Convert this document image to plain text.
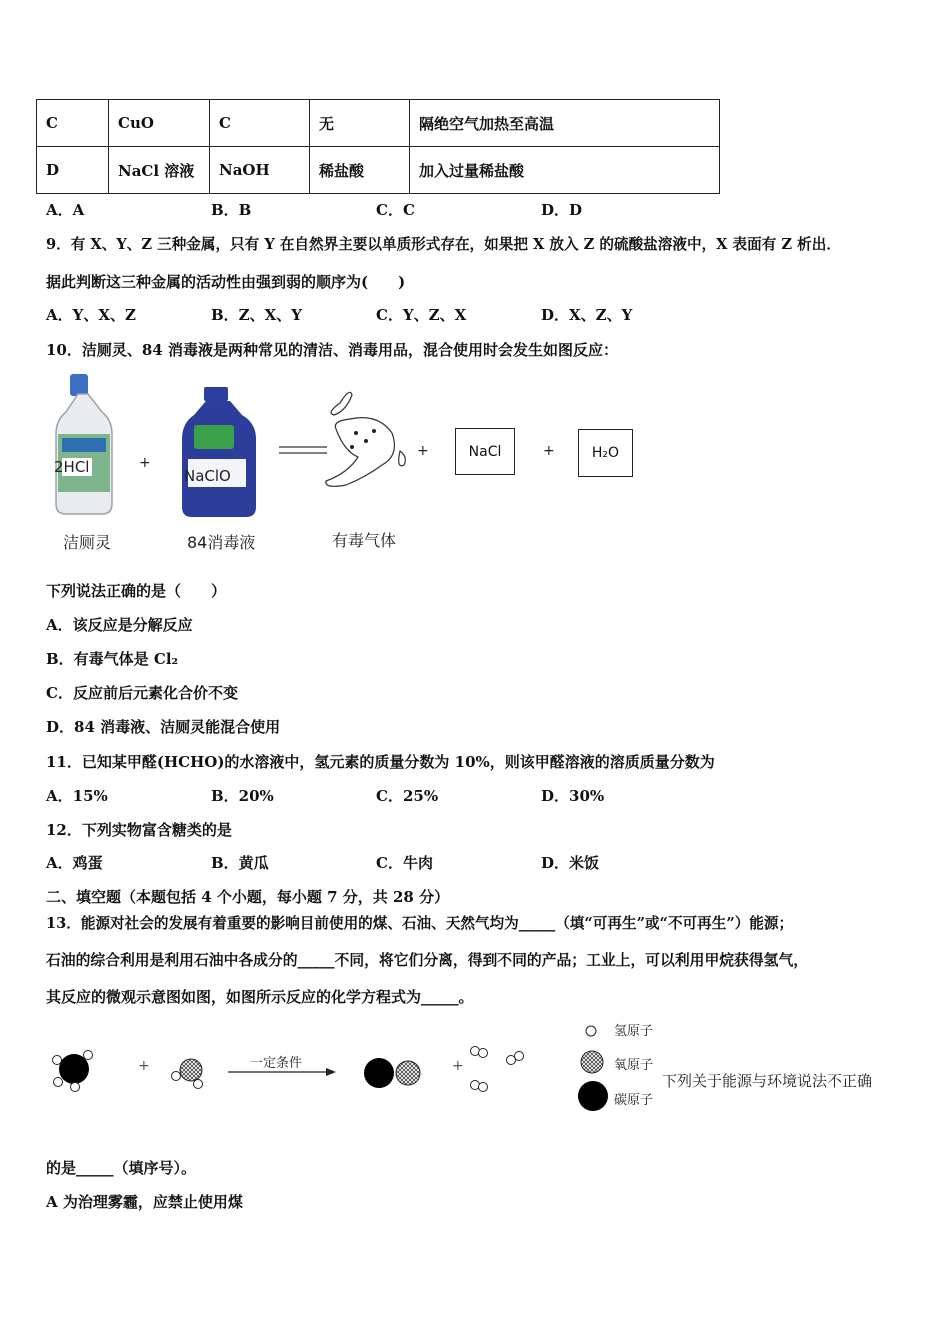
C	CuO	C	无	隔绝空气加热至高温
D	NaCl 溶液	NaOH	稀盐酸	加入过量稀盐酸
A．A	B．B	C．C	D．D
9．有 X、Y、Z 三种金属，只有 Y 在自然界主要以单质形式存在，如果把 X 放入 Z 的硫酸盐溶液中，X 表面有 Z 析出．
据此判断这三种金属的活动性由强到弱的顺序为(　　)
A．Y、X、Z	B．Z、X、Y	C．Y、Z、X	D．X、Z、Y
10．洁厕灵、84 消毒液是两种常见的清洁、消毒用品，混合使用时会发生如图反应：
2HCl	+
NaClO
+	NaCl	+	H₂O
洁厕灵	84消毒液	有毒气体
下列说法正确的是（　　）
A．该反应是分解反应
B．有毒气体是 Cl₂
C．反应前后元素化合价不变
D．84 消毒液、洁厕灵能混合使用
11．已知某甲醛(HCHO)的水溶液中，氢元素的质量分数为 10%，则该甲醛溶液的溶质质量分数为
A．15%	B．20%	C．25%	D．30%
12．下列实物富含糖类的是
A．鸡蛋	B．黄瓜	C．牛肉	D．米饭
二、填空题（本题包括 4 个小题，每小题 7 分，共 28 分）
13．能源对社会的发展有着重要的影响目前使用的煤、石油、天然气均为_____（填“可再生”或“不可再生”）能源；
石油的综合利用是利用石油中各成分的_____不同，将它们分离，得到不同的产品；工业上，可以利用甲烷获得氢气，
其反应的微观示意图如图，如图所示反应的化学方程式为_____。
+	+
一定条件
氢原子
氧原子
碳原子
下列关于能源与环境说法不正确
的是_____（填序号）。
A 为治理雾霾，应禁止使用煤
